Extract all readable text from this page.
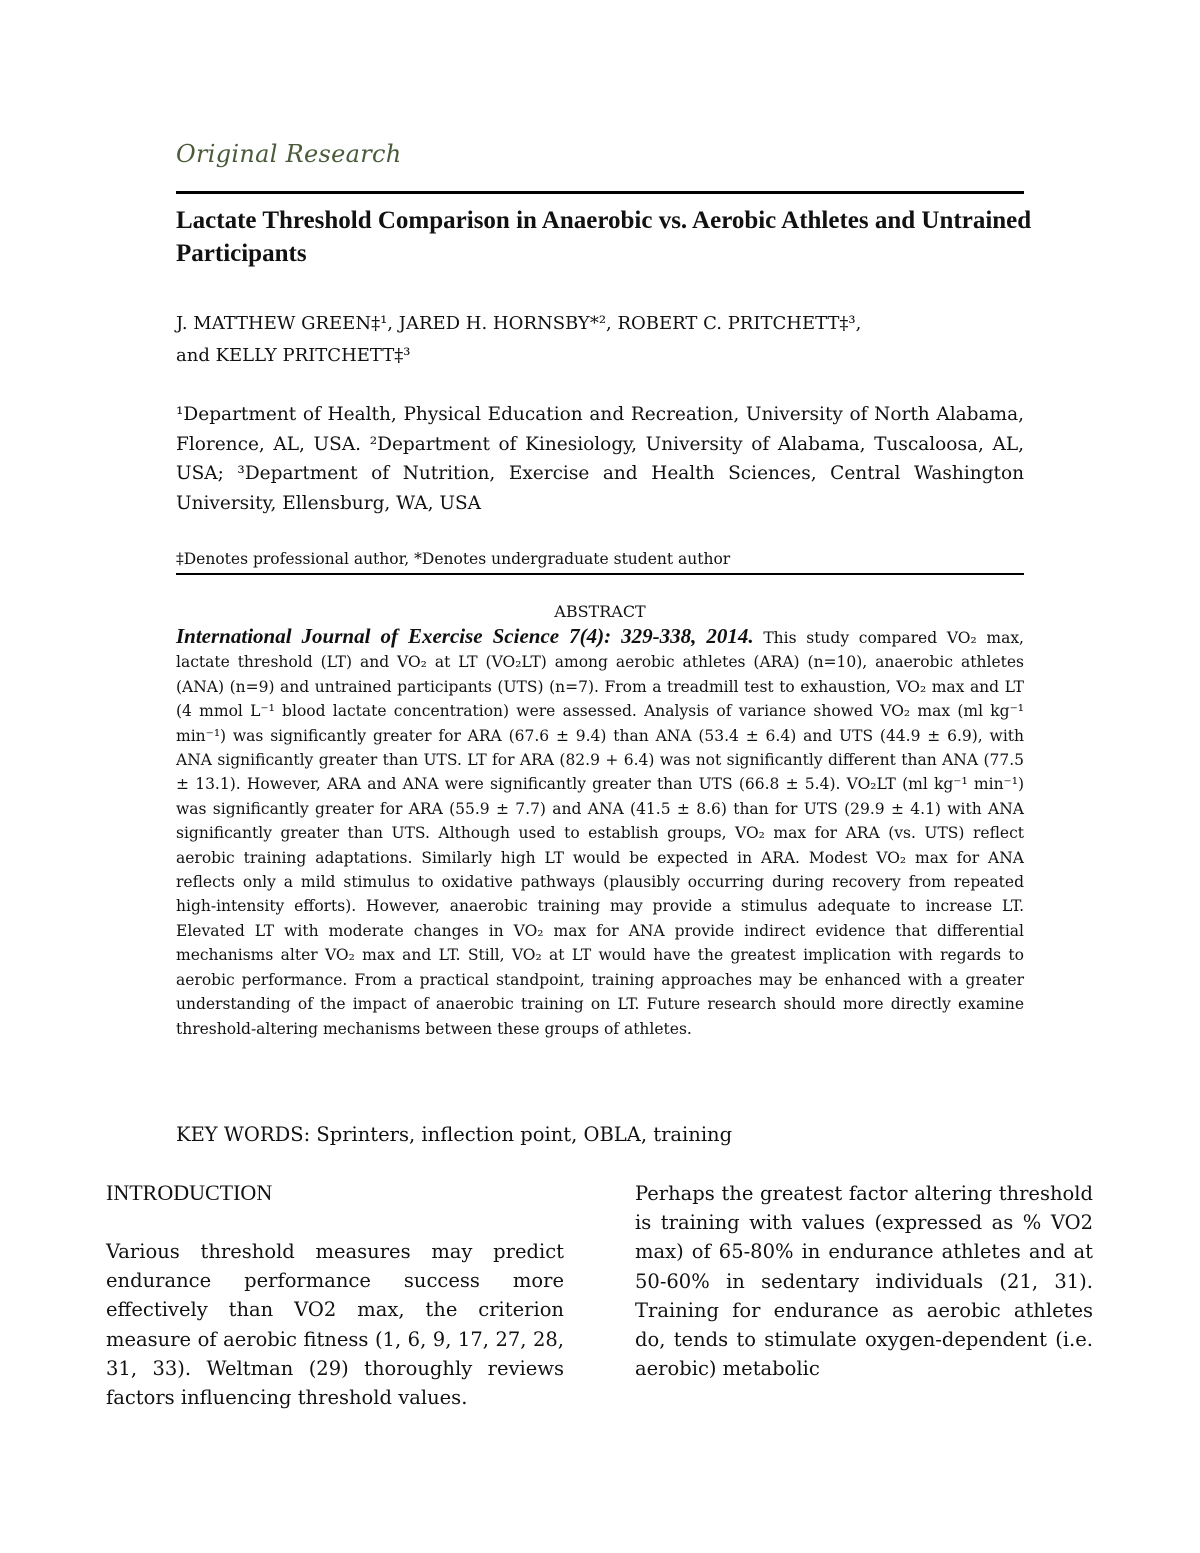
Original Research
Lactate Threshold Comparison in Anaerobic vs. Aerobic Athletes and Untrained Participants
J. MATTHEW GREEN‡¹, JARED H. HORNSBY*², ROBERT C. PRITCHETT‡³,
and KELLY PRITCHETT‡³
¹Department of Health, Physical Education and Recreation, University of North Alabama, Florence, AL, USA. ²Department of Kinesiology, University of Alabama, Tuscaloosa, AL, USA; ³Department of Nutrition, Exercise and Health Sciences, Central Washington University, Ellensburg, WA, USA
‡Denotes professional author, *Denotes undergraduate student author
ABSTRACT
International Journal of Exercise Science 7(4): 329-338, 2014. This study compared VO₂ max, lactate threshold (LT) and VO₂ at LT (VO₂LT) among aerobic athletes (ARA) (n=10), anaerobic athletes (ANA) (n=9) and untrained participants (UTS) (n=7). From a treadmill test to exhaustion, VO₂ max and LT (4 mmol L⁻¹ blood lactate concentration) were assessed. Analysis of variance showed VO₂ max (ml kg⁻¹ min⁻¹) was significantly greater for ARA (67.6 ± 9.4) than ANA (53.4 ± 6.4) and UTS (44.9 ± 6.9), with ANA significantly greater than UTS. LT for ARA (82.9 + 6.4) was not significantly different than ANA (77.5 ± 13.1). However, ARA and ANA were significantly greater than UTS (66.8 ± 5.4). VO₂LT (ml kg⁻¹ min⁻¹) was significantly greater for ARA (55.9 ± 7.7) and ANA (41.5 ± 8.6) than for UTS (29.9 ± 4.1) with ANA significantly greater than UTS. Although used to establish groups, VO₂ max for ARA (vs. UTS) reflect aerobic training adaptations. Similarly high LT would be expected in ARA. Modest VO₂ max for ANA reflects only a mild stimulus to oxidative pathways (plausibly occurring during recovery from repeated high-intensity efforts). However, anaerobic training may provide a stimulus adequate to increase LT. Elevated LT with moderate changes in VO₂ max for ANA provide indirect evidence that differential mechanisms alter VO₂ max and LT. Still, VO₂ at LT would have the greatest implication with regards to aerobic performance. From a practical standpoint, training approaches may be enhanced with a greater understanding of the impact of anaerobic training on LT. Future research should more directly examine threshold-altering mechanisms between these groups of athletes.
KEY WORDS: Sprinters, inflection point, OBLA, training
INTRODUCTION

Various threshold measures may predict endurance performance success more effectively than VO2 max, the criterion measure of aerobic fitness (1, 6, 9, 17, 27, 28, 31, 33). Weltman (29) thoroughly reviews factors influencing threshold values.

Perhaps the greatest factor altering threshold is training with values (expressed as % VO2 max) of 65-80% in endurance athletes and at 50-60% in sedentary individuals (21, 31). Training for endurance as aerobic athletes do, tends to stimulate oxygen-dependent (i.e. aerobic) metabolic
